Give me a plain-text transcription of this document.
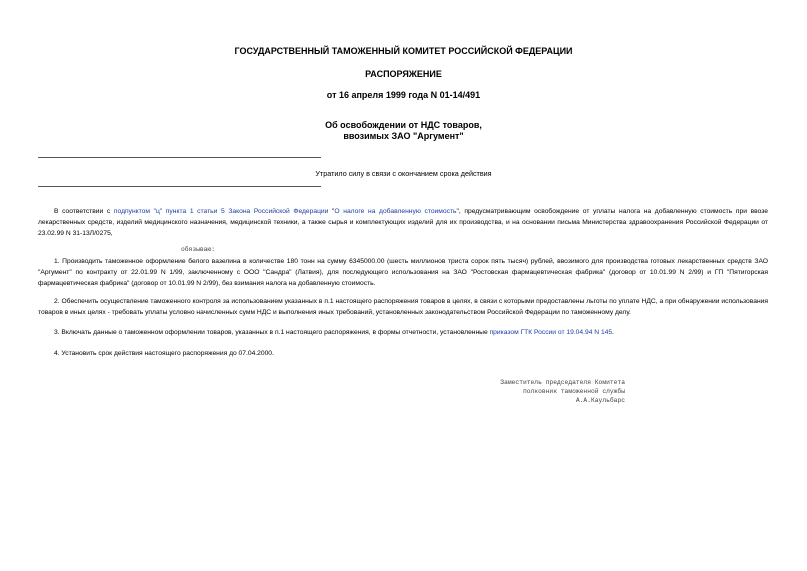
ГОСУДАРСТВЕННЫЙ ТАМОЖЕННЫЙ КОМИТЕТ РОССИЙСКОЙ ФЕДЕРАЦИИ
РАСПОРЯЖЕНИЕ
от 16 апреля 1999 года N 01-14/491
Об освобождении от НДС товаров,
ввозимых ЗАО "Аргумент"
Утратило силу в связи с окончанием срока действия
В соответствии с подпунктом "ц" пункта 1 статьи 5 Закона Российской Федерации "О налоге на добавленную стоимость", предусматривающим освобождение от уплаты налога на добавленную стоимость при ввозе лекарственных средств, изделий медицинского назначения, медицинской техники, а также сырья и комплектующих изделий для их производства, и на основании письма Министерства здравоохранения Российской Федерации от 23.02.99 N 31-13Л/0275,
обязываю:
1. Производить таможенное оформление белого вазелина в количестве 180 тонн на сумму 6345000.00 (шесть миллионов триста сорок пять тысяч) рублей, ввозимого для производства готовых лекарственных средств ЗАО "Аргумент" по контракту от 22.01.99 N 1/99, заключенному с ООО "Сандра" (Латвия), для последующего использования на ЗАО "Ростовская фармацевтическая фабрика" (договор от 10.01.99 N 2/99) и ГП "Пятигорская фармацевтическая фабрика" (договор от 10.01.99 N 2/99), без взимания налога на добавленную стоимость.
2. Обеспечить осуществление таможенного контроля за использованием указанных в п.1 настоящего распоряжения товаров в целях, в связи с которыми предоставлены льготы по уплате НДС, а при обнаружении использования товаров в иных целях - требовать уплаты условно начисленных сумм НДС и выполнения иных требований, установленных законодательством Российской Федерации по таможенному делу.
3. Включать данные о таможенном оформлении товаров, указанных в п.1 настоящего распоряжения, в формы отчетности, установленные приказом ГТК России от 19.04.94 N 145.
4. Установить срок действия настоящего распоряжения до 07.04.2000.
Заместитель председателя Комитета
полковник таможенной службы
А.А.Каульбарс
